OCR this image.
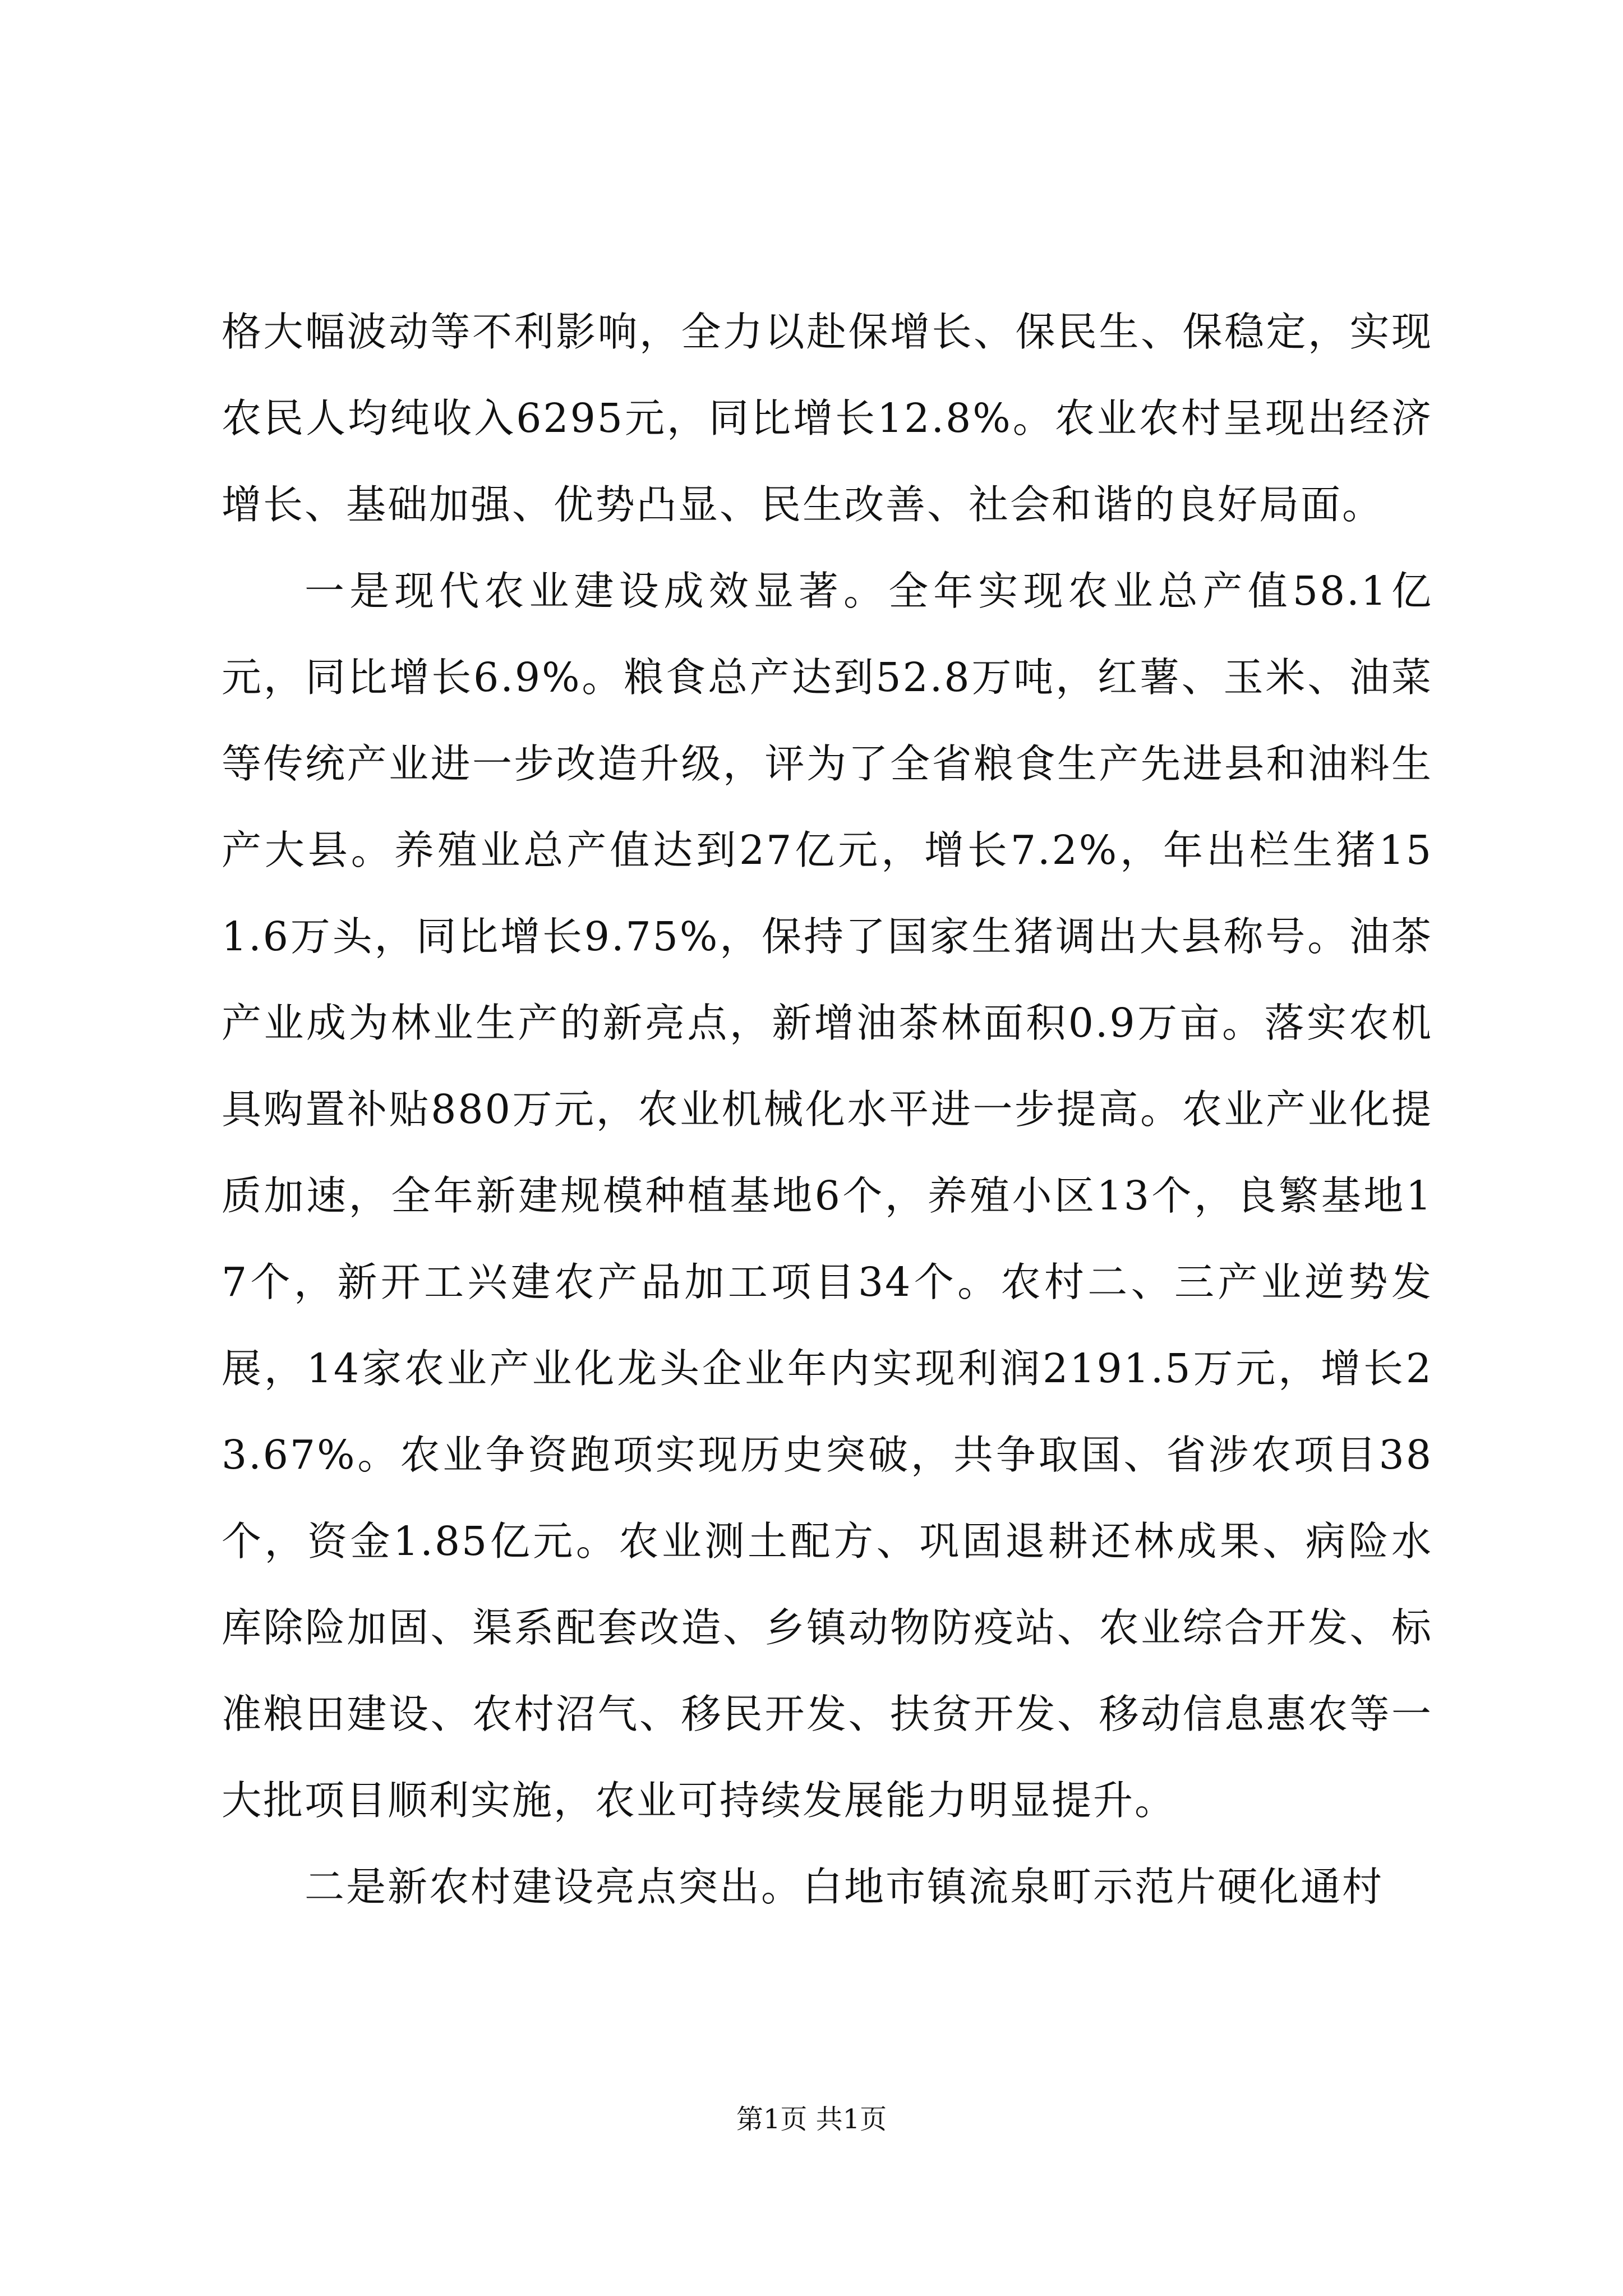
格大幅波动等不利影响，全力以赴保增长、保民生、保稳定，实现农民人均纯收入6295元，同比增长12.8%。农业农村呈现出经济增长、基础加强、优势凸显、民生改善、社会和谐的良好局面。

一是现代农业建设成效显著。全年实现农业总产值58.1亿元，同比增长6.9%。粮食总产达到52.8万吨，红薯、玉米、油菜等传统产业进一步改造升级，评为了全省粮食生产先进县和油料生产大县。养殖业总产值达到27亿元，增长7.2%，年出栏生猪151.6万头，同比增长9.75%，保持了国家生猪调出大县称号。油茶产业成为林业生产的新亮点，新增油茶林面积0.9万亩。落实农机具购置补贴880万元，农业机械化水平进一步提高。农业产业化提质加速，全年新建规模种植基地6个，养殖小区13个，良繁基地17个，新开工兴建农产品加工项目34个。农村二、三产业逆势发展，14家农业产业化龙头企业年内实现利润2191.5万元，增长23.67%。农业争资跑项实现历史突破，共争取国、省涉农项目38个，资金1.85亿元。农业测土配方、巩固退耕还林成果、病险水库除险加固、渠系配套改造、乡镇动物防疫站、农业综合开发、标准粮田建设、农村沼气、移民开发、扶贫开发、移动信息惠农等一大批项目顺利实施，农业可持续发展能力明显提升。

二是新农村建设亮点突出。白地市镇流泉町示范片硬化通村

第1页 共1页
